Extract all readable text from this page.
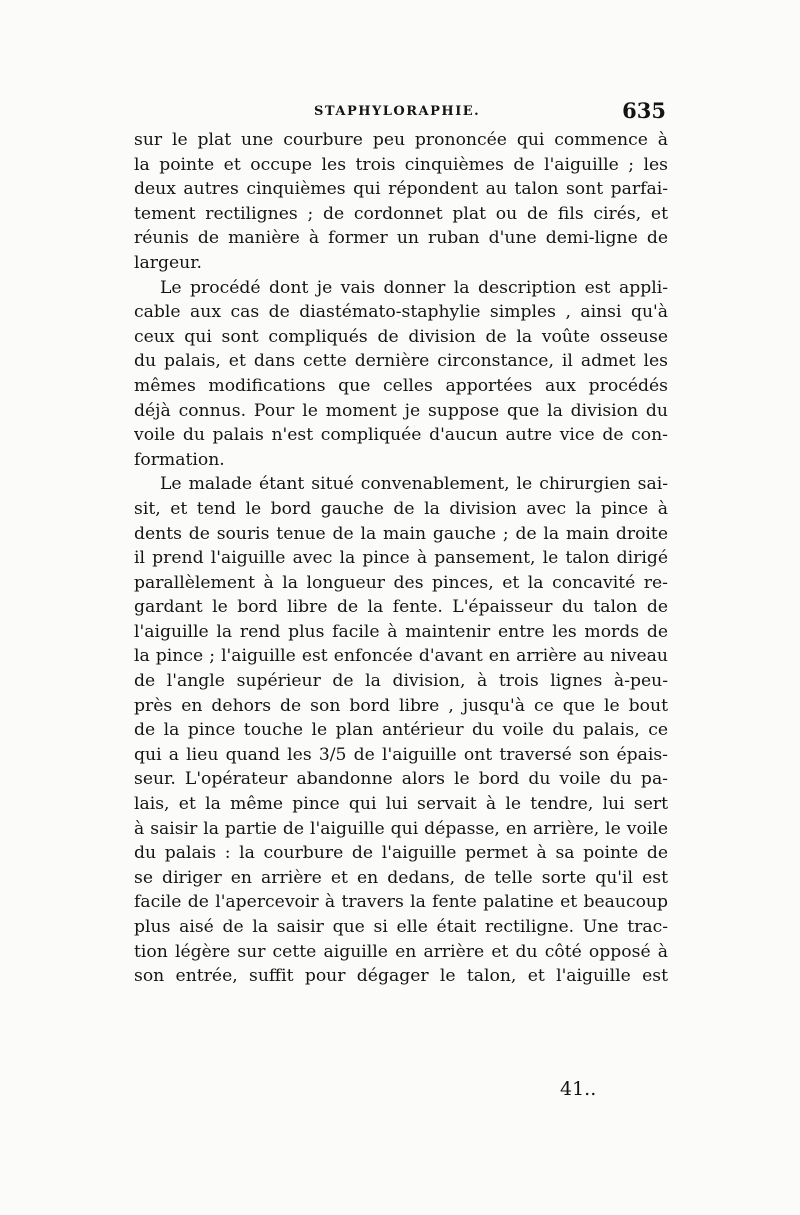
STAPHYLORAPHIE.	635
sur le plat une courbure peu prononcée qui commence à
la pointe et occupe les trois cinquièmes de l'aiguille ; les
deux autres cinquièmes qui répondent au talon sont parfai-
tement rectilignes ; de cordonnet plat ou de fils cirés, et
réunis de manière à former un ruban d'une demi-ligne de
largeur.
Le procédé dont je vais donner la description est appli-
cable aux cas de diastémato-staphylie simples , ainsi qu'à
ceux qui sont compliqués de division de la voûte osseuse
du palais, et dans cette dernière circonstance, il admet les
mêmes modifications que celles apportées aux procédés
déjà connus. Pour le moment je suppose que la division du
voile du palais n'est compliquée d'aucun autre vice de con-
formation.
Le malade étant situé convenablement, le chirurgien sai-
sit, et tend le bord gauche de la division avec la pince à
dents de souris tenue de la main gauche ; de la main droite
il prend l'aiguille avec la pince à pansement, le talon dirigé
parallèlement à la longueur des pinces, et la concavité re-
gardant le bord libre de la fente. L'épaisseur du talon de
l'aiguille la rend plus facile à maintenir entre les mords de
la pince ; l'aiguille est enfoncée d'avant en arrière au niveau
de l'angle supérieur de la division, à trois lignes à-peu-
près en dehors de son bord libre , jusqu'à ce que le bout
de la pince touche le plan antérieur du voile du palais, ce
qui a lieu quand les 3/5 de l'aiguille ont traversé son épais-
seur. L'opérateur abandonne alors le bord du voile du pa-
lais, et la même pince qui lui servait à le tendre, lui sert
à saisir la partie de l'aiguille qui dépasse, en arrière, le voile
du palais : la courbure de l'aiguille permet à sa pointe de
se diriger en arrière et en dedans, de telle sorte qu'il est
facile de l'apercevoir à travers la fente palatine et beaucoup
plus aisé de la saisir que si elle était rectiligne. Une trac-
tion légère sur cette aiguille en arrière et du côté opposé à
son entrée, suffit pour dégager le talon, et l'aiguille est
41..
